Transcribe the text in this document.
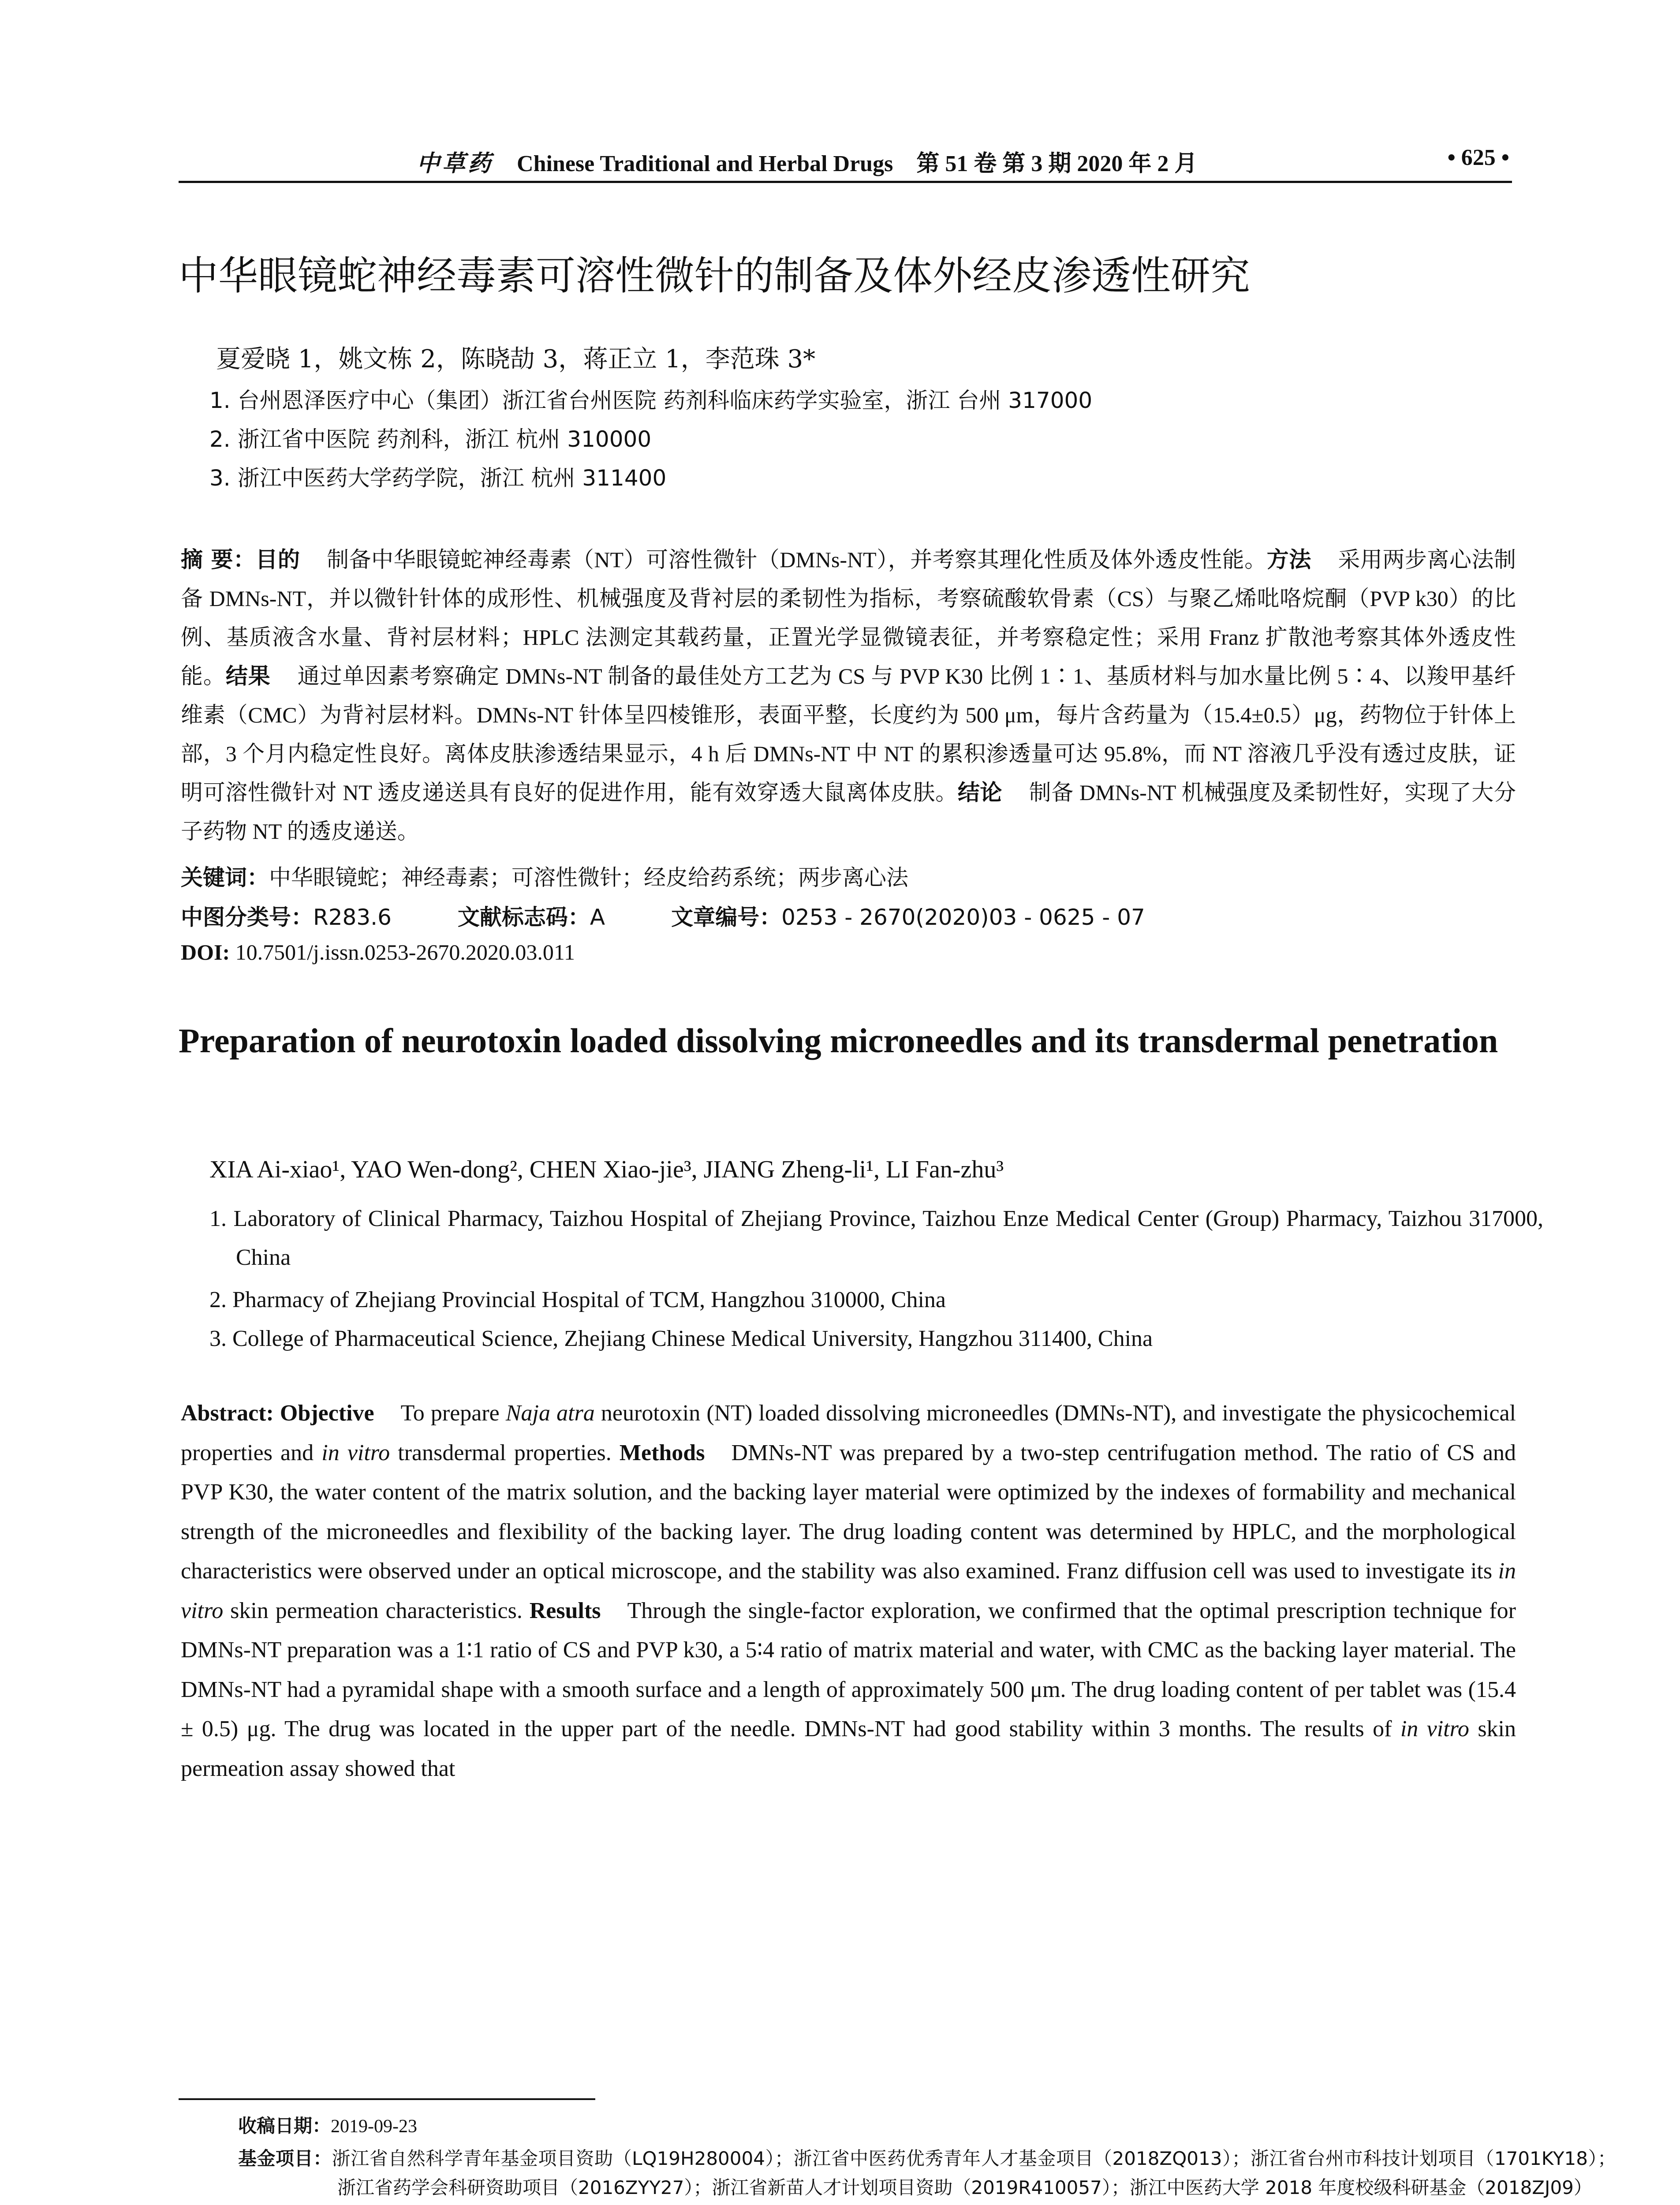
中草药 Chinese Traditional and Herbal Drugs 第 51 卷 第 3 期 2020 年 2 月	• 625 •
中华眼镜蛇神经毒素可溶性微针的制备及体外经皮渗透性研究
夏爱晓 1，姚文栋 2，陈晓劼 3，蒋正立 1，李范珠 3*
1. 台州恩泽医疗中心（集团）浙江省台州医院 药剂科临床药学实验室，浙江 台州 317000
2. 浙江省中医院 药剂科，浙江 杭州 310000
3. 浙江中医药大学药学院，浙江 杭州 311400
摘 要：目的 制备中华眼镜蛇神经毒素（NT）可溶性微针（DMNs-NT），并考察其理化性质及体外透皮性能。方法 采用两步离心法制备 DMNs-NT，并以微针针体的成形性、机械强度及背衬层的柔韧性为指标，考察硫酸软骨素（CS）与聚乙烯吡咯烷酮（PVP k30）的比例、基质液含水量、背衬层材料；HPLC 法测定其载药量，正置光学显微镜表征，并考察稳定性；采用 Franz 扩散池考察其体外透皮性能。结果 通过单因素考察确定 DMNs-NT 制备的最佳处方工艺为 CS 与 PVP K30 比例 1∶1、基质材料与加水量比例 5∶4、以羧甲基纤维素（CMC）为背衬层材料。DMNs-NT 针体呈四棱锥形，表面平整，长度约为 500 μm，每片含药量为（15.4±0.5）μg，药物位于针体上部，3 个月内稳定性良好。离体皮肤渗透结果显示，4 h 后 DMNs-NT 中 NT 的累积渗透量可达 95.8%，而 NT 溶液几乎没有透过皮肤，证明可溶性微针对 NT 透皮递送具有良好的促进作用，能有效穿透大鼠离体皮肤。结论 制备 DMNs-NT 机械强度及柔韧性好，实现了大分子药物 NT 的透皮递送。
关键词：中华眼镜蛇；神经毒素；可溶性微针；经皮给药系统；两步离心法
中图分类号：R283.6	文献标志码：A	文章编号：0253 - 2670(2020)03 - 0625 - 07
DOI: 10.7501/j.issn.0253-2670.2020.03.011
Preparation of neurotoxin loaded dissolving microneedles and its transdermal penetration
XIA Ai-xiao¹, YAO Wen-dong², CHEN Xiao-jie³, JIANG Zheng-li¹, LI Fan-zhu³
1. Laboratory of Clinical Pharmacy, Taizhou Hospital of Zhejiang Province, Taizhou Enze Medical Center (Group) Pharmacy, Taizhou 317000, China
2. Pharmacy of Zhejiang Provincial Hospital of TCM, Hangzhou 310000, China
3. College of Pharmaceutical Science, Zhejiang Chinese Medical University, Hangzhou 311400, China
Abstract: Objective To prepare Naja atra neurotoxin (NT) loaded dissolving microneedles (DMNs-NT), and investigate the physicochemical properties and in vitro transdermal properties. Methods DMNs-NT was prepared by a two-step centrifugation method. The ratio of CS and PVP K30, the water content of the matrix solution, and the backing layer material were optimized by the indexes of formability and mechanical strength of the microneedles and flexibility of the backing layer. The drug loading content was determined by HPLC, and the morphological characteristics were observed under an optical microscope, and the stability was also examined. Franz diffusion cell was used to investigate its in vitro skin permeation characteristics. Results Through the single-factor exploration, we confirmed that the optimal prescription technique for DMNs-NT preparation was a 1∶1 ratio of CS and PVP k30, a 5∶4 ratio of matrix material and water, with CMC as the backing layer material. The DMNs-NT had a pyramidal shape with a smooth surface and a length of approximately 500 μm. The drug loading content of per tablet was (15.4 ± 0.5) μg. The drug was located in the upper part of the needle. DMNs-NT had good stability within 3 months. The results of in vitro skin permeation assay showed that
收稿日期：2019-09-23
基金项目：浙江省自然科学青年基金项目资助（LQ19H280004）；浙江省中医药优秀青年人才基金项目（2018ZQ013）；浙江省台州市科技计划项目（1701KY18）；浙江省药学会科研资助项目（2016ZYY27）；浙江省新苗人才计划项目资助（2019R410057）；浙江中医药大学 2018 年度校级科研基金（2018ZJ09）
